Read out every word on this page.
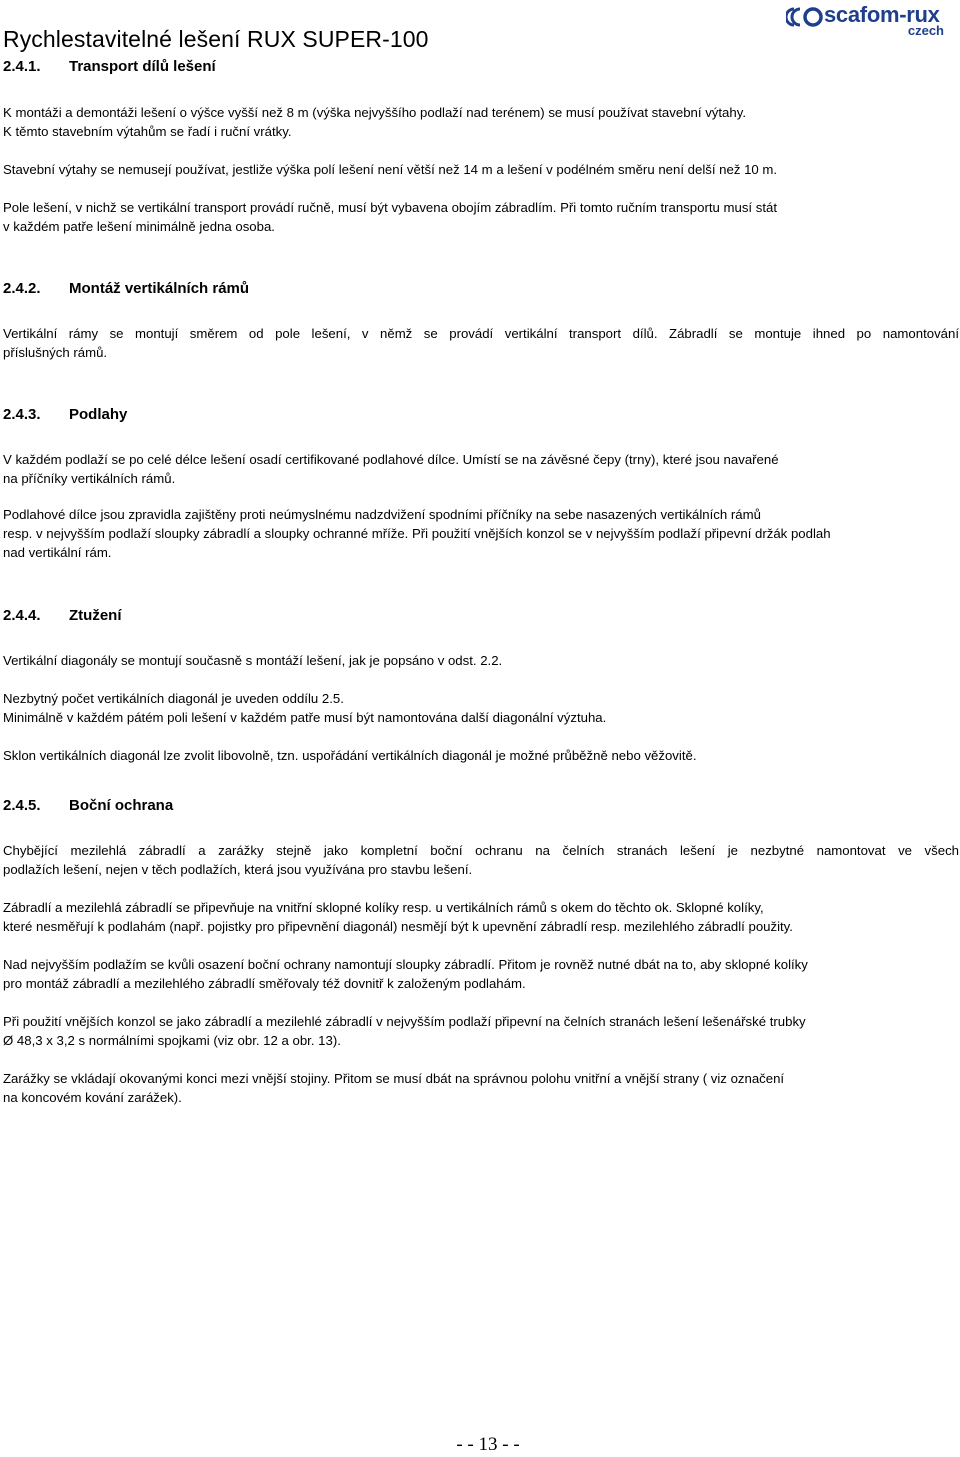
Rychlestavitelné lešení RUX SUPER-100
scafom-rux
czech
2.4.1. Transport dílů lešení
K montáži a demontáži lešení o výšce vyšší než 8 m (výška nejvyššího podlaží nad terénem) se musí používat stavební výtahy.
K těmto stavebním výtahům se řadí i ruční vrátky.
Stavební výtahy se nemusejí používat, jestliže výška polí lešení není větší než 14 m a lešení v podélném směru není delší než 10 m.
Pole lešení, v nichž se vertikální transport provádí ručně, musí být vybavena obojím zábradlím. Při tomto ručním transportu musí stát
v každém patře lešení minimálně jedna osoba.
2.4.2. Montáž vertikálních rámů
Vertikální rámy se montují směrem od pole lešení, v němž se provádí vertikální transport dílů. Zábradlí se montuje ihned po namontování
příslušných rámů.
2.4.3. Podlahy
V každém podlaží se po celé délce lešení osadí certifikované podlahové dílce. Umístí se na závěsné čepy (trny), které jsou navařené
na příčníky vertikálních rámů.
Podlahové dílce jsou zpravidla zajištěny proti neúmyslnému nadzdvižení spodními příčníky na sebe nasazených vertikálních rámů
resp. v nejvyšším podlaží sloupky zábradlí a sloupky ochranné mříže. Při použití vnějších konzol se v nejvyšším podlaží připevní držák podlah
nad vertikální rám.
2.4.4. Ztužení
Vertikální diagonály se montují současně s montáží lešení, jak je popsáno v odst. 2.2.
Nezbytný počet vertikálních diagonál je uveden oddílu 2.5.
Minimálně v každém pátém poli lešení v každém patře musí být namontována další diagonální výztuha.
Sklon vertikálních diagonál lze zvolit libovolně, tzn. uspořádání vertikálních diagonál je možné průběžně nebo věžovitě.
2.4.5. Boční ochrana
Chybějící mezilehlá zábradlí a zarážky stejně jako kompletní boční ochranu na čelních stranách lešení je nezbytné namontovat ve všech
podlažích lešení, nejen v těch podlažích, která jsou využívána pro stavbu lešení.
Zábradlí a mezilehlá zábradlí se připevňuje na vnitřní sklopné kolíky resp. u vertikálních rámů s okem do těchto ok. Sklopné kolíky,
které nesměřují k podlahám (např. pojistky pro připevnění diagonál) nesmějí být k upevnění zábradlí resp. mezilehlého zábradlí použity.
Nad nejvyšším podlažím se kvůli osazení boční ochrany namontují sloupky zábradlí. Přitom je rovněž nutné dbát na to, aby sklopné kolíky
pro montáž zábradlí a mezilehlého zábradlí směřovaly též dovnitř k založeným podlahám.
Při použití vnějších konzol se jako zábradlí a mezilehlé zábradlí v nejvyšším podlaží připevní na čelních stranách lešení lešenářské trubky
Ø 48,3 x 3,2 s normálními spojkami (viz obr. 12 a obr. 13).
Zarážky se vkládají okovanými konci mezi vnější stojiny. Přitom se musí dbát na správnou polohu vnitřní a vnější strany ( viz označení
na koncovém kování zarážek).
- - 13 - -
